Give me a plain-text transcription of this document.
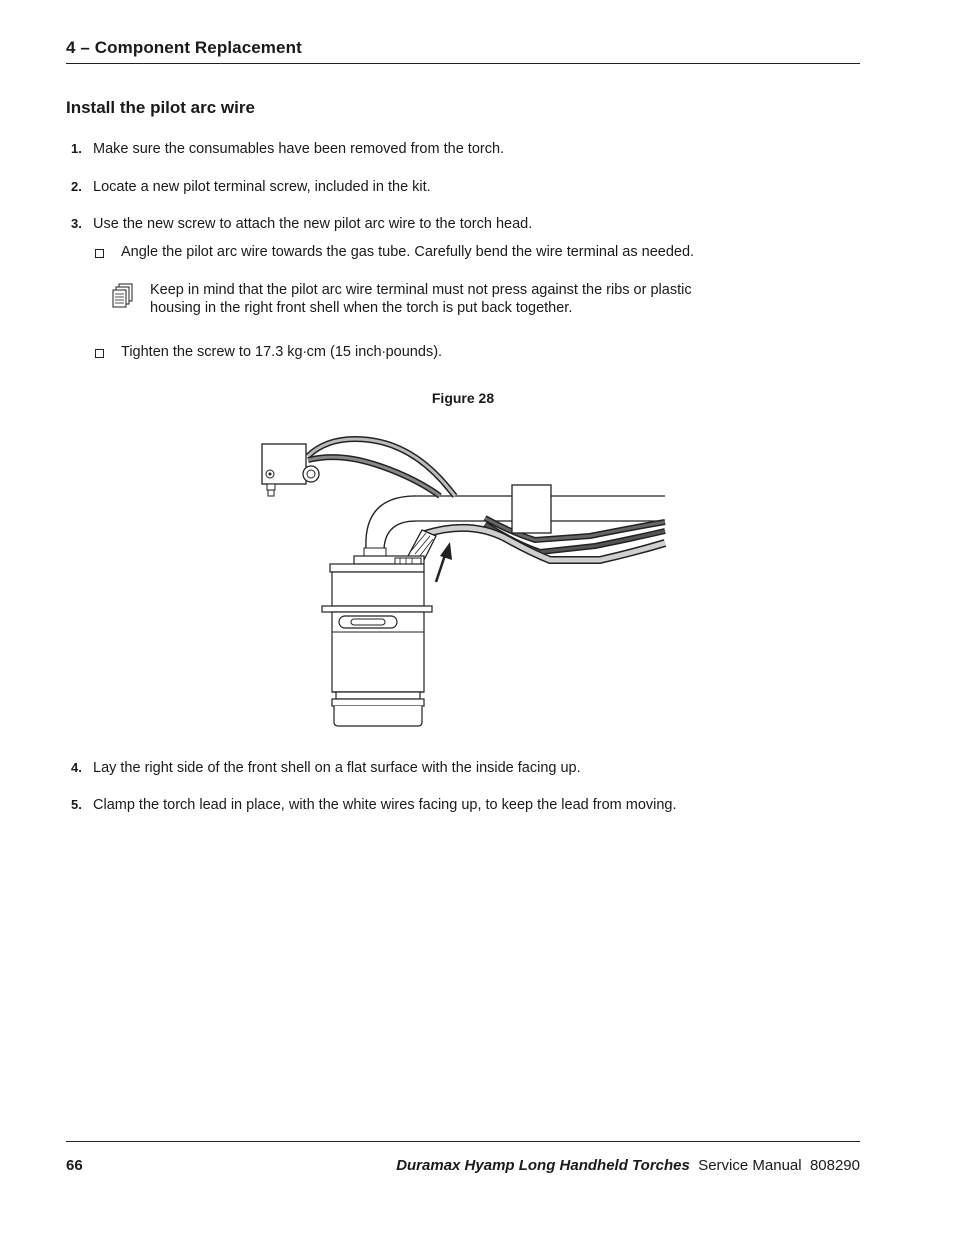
4 – Component Replacement
Install the pilot arc wire
1. Make sure the consumables have been removed from the torch.
2. Locate a new pilot terminal screw, included in the kit.
3. Use the new screw to attach the new pilot arc wire to the torch head.
Angle the pilot arc wire towards the gas tube. Carefully bend the wire terminal as needed.
Keep in mind that the pilot arc wire terminal must not press against the ribs or plastic
housing in the right front shell when the torch is put back together.
Tighten the screw to 17.3 kg∙cm (15 inch∙pounds).
Figure 28
4. Lay the right side of the front shell on a flat surface with the inside facing up.
5. Clamp the torch lead in place, with the white wires facing up, to keep the lead from moving.
66	Duramax Hyamp Long Handheld Torches Service Manual 808290
